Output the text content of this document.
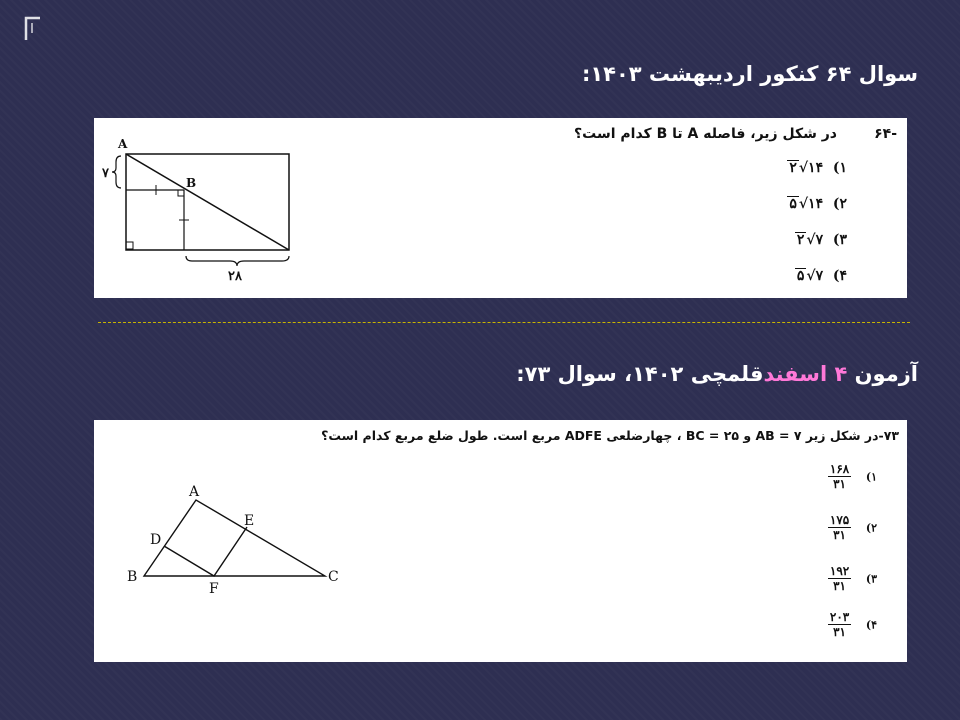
سوال ۶۴ کنکور اردیبهشت ۱۴۰۳:
-۶۴
در شکل زیر، فاصله A تا B کدام است؟
۱)  ۱۴√۲
۲)  ۱۴√۵
۳)  ۷√۲
۴)  ۷√۵
A
B
۷
۲۸
آزمون ۴ اسفندقلمچی ۱۴۰۲، سوال ۷۳:
۷۳-در شکل زیر ۷ = AB و ۲۵ = BC ، چهارضلعی ADFE مربع است. طول ضلع مربع کدام است؟
۱)
$\frac{۱۶۸}{۳۱}$
۲)
$\frac{۱۷۵}{۳۱}$
۳)
$\frac{۱۹۲}{۳۱}$
۴)
$\frac{۲۰۳}{۳۱}$
A
B	C
D
E
F
